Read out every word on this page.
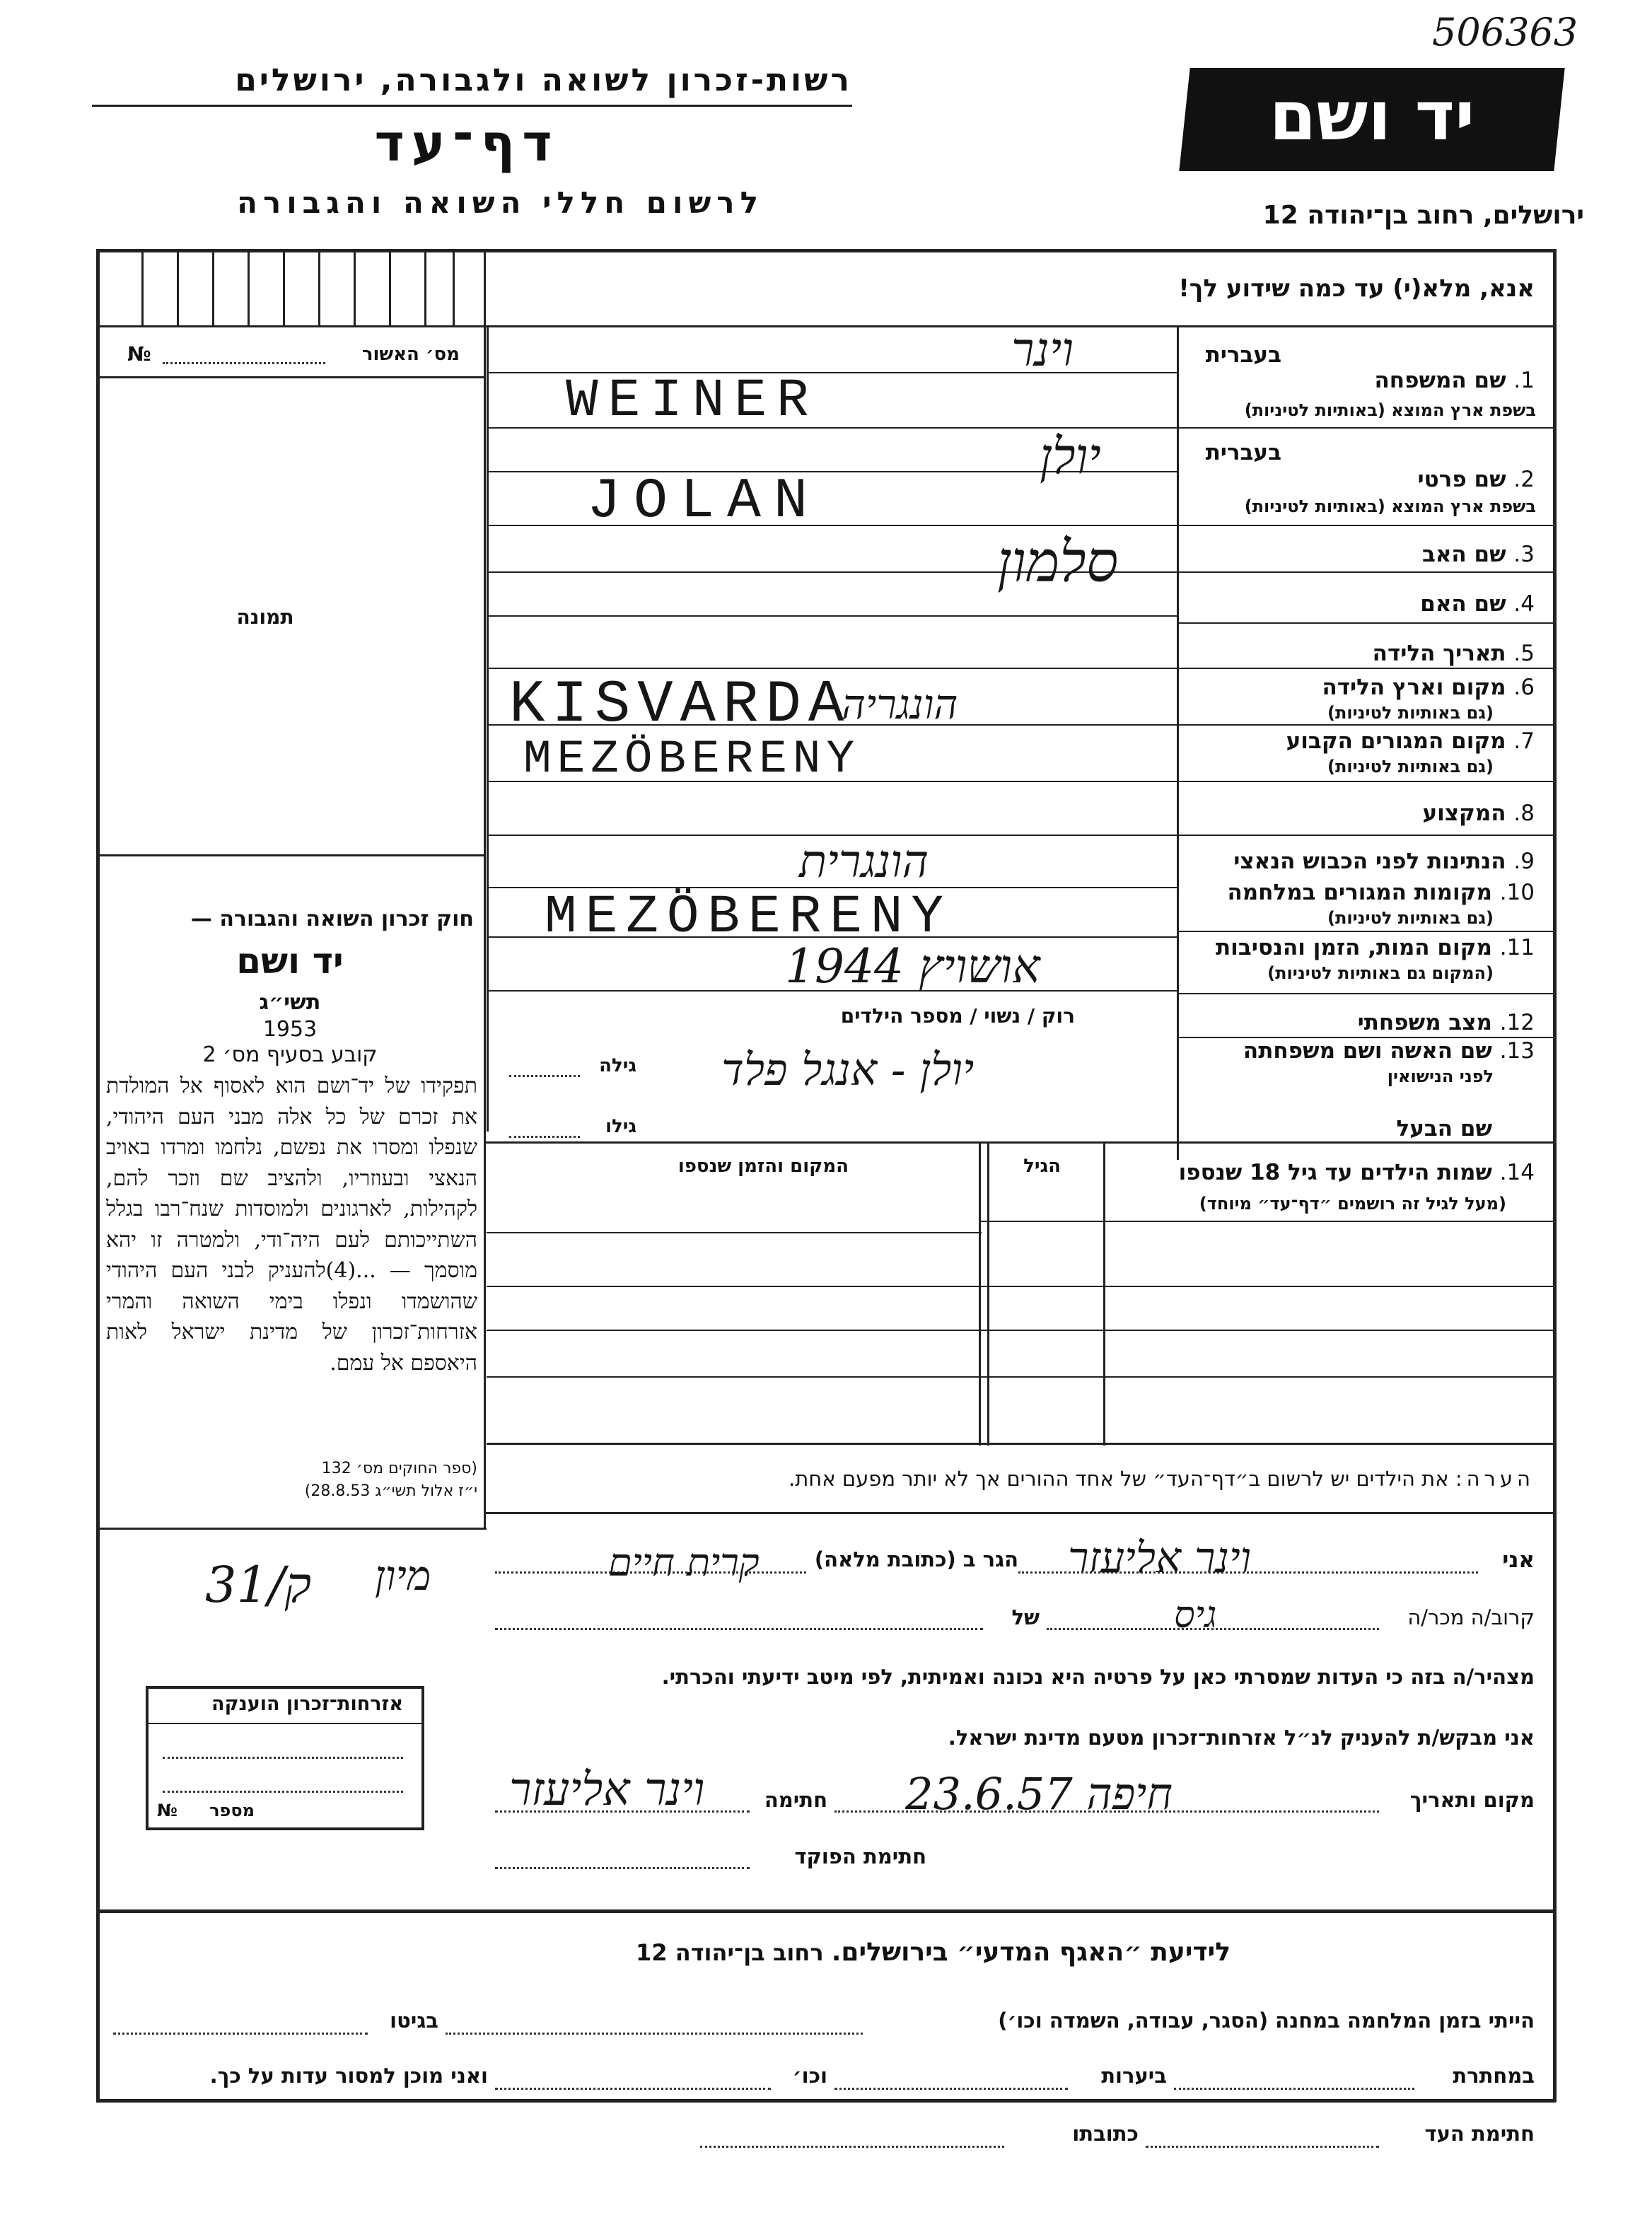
506363
רשות-זכרון לשואה ולגבורה, ירושלים
דף־עד
לרשום חללי השואה והגבורה
יד ושם
ירושלים, רחוב בן־יהודה 12
אנא, מלא(י) עד כמה שידוע לך!
מס׳ האשור
№
תמונה
בעברית
1. שם המשפחה
בשפת ארץ המוצא (באותיות לטיניות)
בעברית
2. שם פרטי
בשפת ארץ המוצא (באותיות לטיניות)
3. שם האב
4. שם האם
5. תאריך הלידה
6. מקום וארץ הלידה
(גם באותיות לטיניות)
7. מקום המגורים הקבוע
(גם באותיות לטיניות)
8. המקצוע
9. הנתינות לפני הכבוש הנאצי
10. מקומות המגורים במלחמה
(גם באותיות לטיניות)
11. מקום המות, הזמן והנסיבות
(המקום גם באותיות לטיניות)
12. מצב משפחתי
13. שם האשה ושם משפחתה
לפני הנישואין
שם הבעל
רוק / נשוי / מספר הילדים
גילה
גילו
14. שמות הילדים עד גיל 18 שנספו
(מעל לגיל זה רושמים ״דף־עד״ מיוחד)
הגיל
המקום והזמן שנספו
הערה: את הילדים יש לרשום ב״דף־העד״ של אחד ההורים אך לא יותר מפעם אחת.
חוק זכרון השואה והגבורה —
יד ושם
תשי״ג
1953
קובע בסעיף מס׳ 2
תפקידו של יד־ושם הוא לאסוף אל המולדת את זכרם של כל אלה מבני העם היהודי, שנפלו ומסרו את נפשם, נלחמו ומרדו באויב הנאצי ובעוזריו, ולהציב שם וזכר להם, לקהילות, לארגונים ולמוסדות שנח־רבו בגלל השתייכותם לעם היה־ודי, ולמטרה זו יהא מוסמך — ...(4)להעניק לבני העם היהודי שהושמדו ונפלו בימי השואה והמרי אזרחות־זכרון של מדינת ישראל לאות היאספם אל עמם.
(ספר החוקים מס׳ 132
י״ז אלול תשי״ג 28.8.53)
מיון
31/ק
אזרחות־זכרון הוענקה
№	מספר
אני
הגר ב (כתובת מלאה)
קרוב/ה מכר/ה
של
מצהיר/ה בזה כי העדות שמסרתי כאן על פרטיה היא נכונה ואמיתית, לפי מיטב ידיעתי והכרתי.
אני מבקש/ת להעניק לנ״ל אזרחות־זכרון מטעם מדינת ישראל.
מקום ותאריך
חתימה
חתימת הפוקד
לידיעת ״האגף המדעי״ בירושלים. רחוב בן־יהודה 12
הייתי בזמן המלחמה במחנה (הסגר, עבודה, השמדה וכו׳)
בגיטו
במחתרת
ביערות
וכו׳
ואני מוכן למסור עדות על כך.
חתימת העד
כתובתו
וינר
WEINER
יולן
JOLAN
סלמון
KISVARDA
הונגריה
MEZÖBERENY
הונגרית
MEZÖBERENY
אושויץ 1944
יולן - אנגל פלד
וינר אליעזר
קרית חיים
גיס
חיפה 23.6.57
וינר אליעזר
